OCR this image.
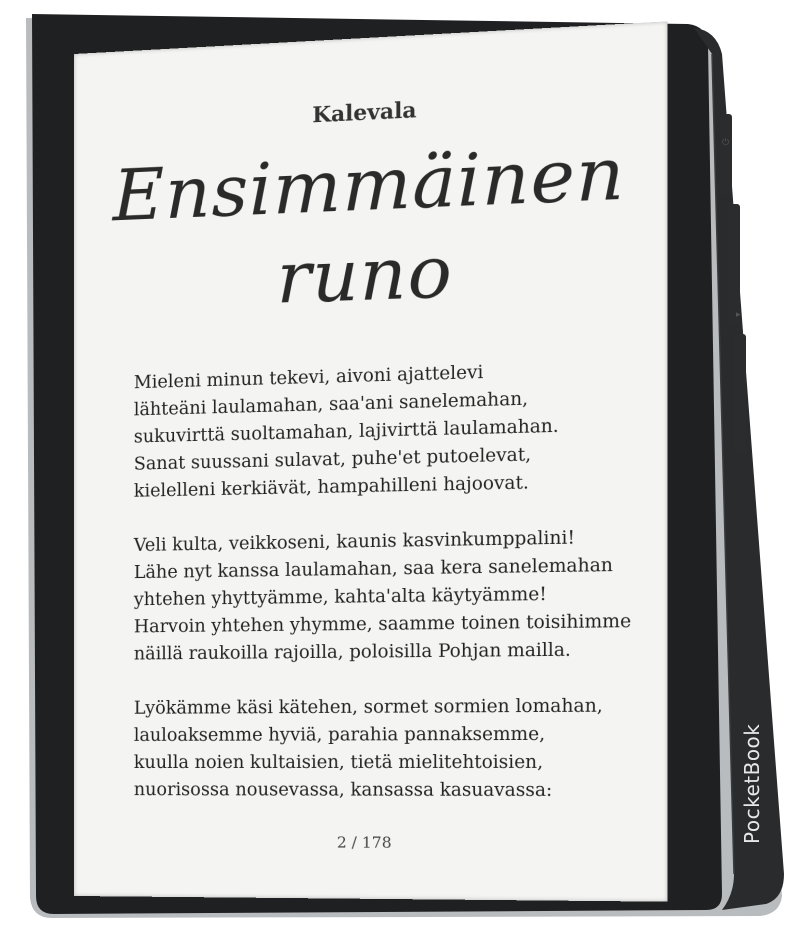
⏻
▸
Kalevala
Ensimmäinen
runo
Mieleni minun tekevi, aivoni ajattelevi
lähteäni laulamahan, saa'ani sanelemahan,
sukuvirttä suoltamahan, lajivirttä laulamahan.
Sanat suussani sulavat, puhe'et putoelevat,
kielelleni kerkiävät, hampahilleni hajoovat.
Veli kulta, veikkoseni, kaunis kasvinkumppalini!
Lähe nyt kanssa laulamahan, saa kera sanelemahan
yhtehen yhyttyämme, kahta'alta käytyämme!
Harvoin yhtehen yhymme, saamme toinen toisihimme
näillä raukoilla rajoilla, poloisilla Pohjan mailla.
Lyökämme käsi kätehen, sormet sormien lomahan,
lauloaksemme hyviä, parahia pannaksemme,
kuulla noien kultaisien, tietä mielitehtoisien,
nuorisossa nousevassa, kansassa kasuavassa:
2 / 178	PocketBook
